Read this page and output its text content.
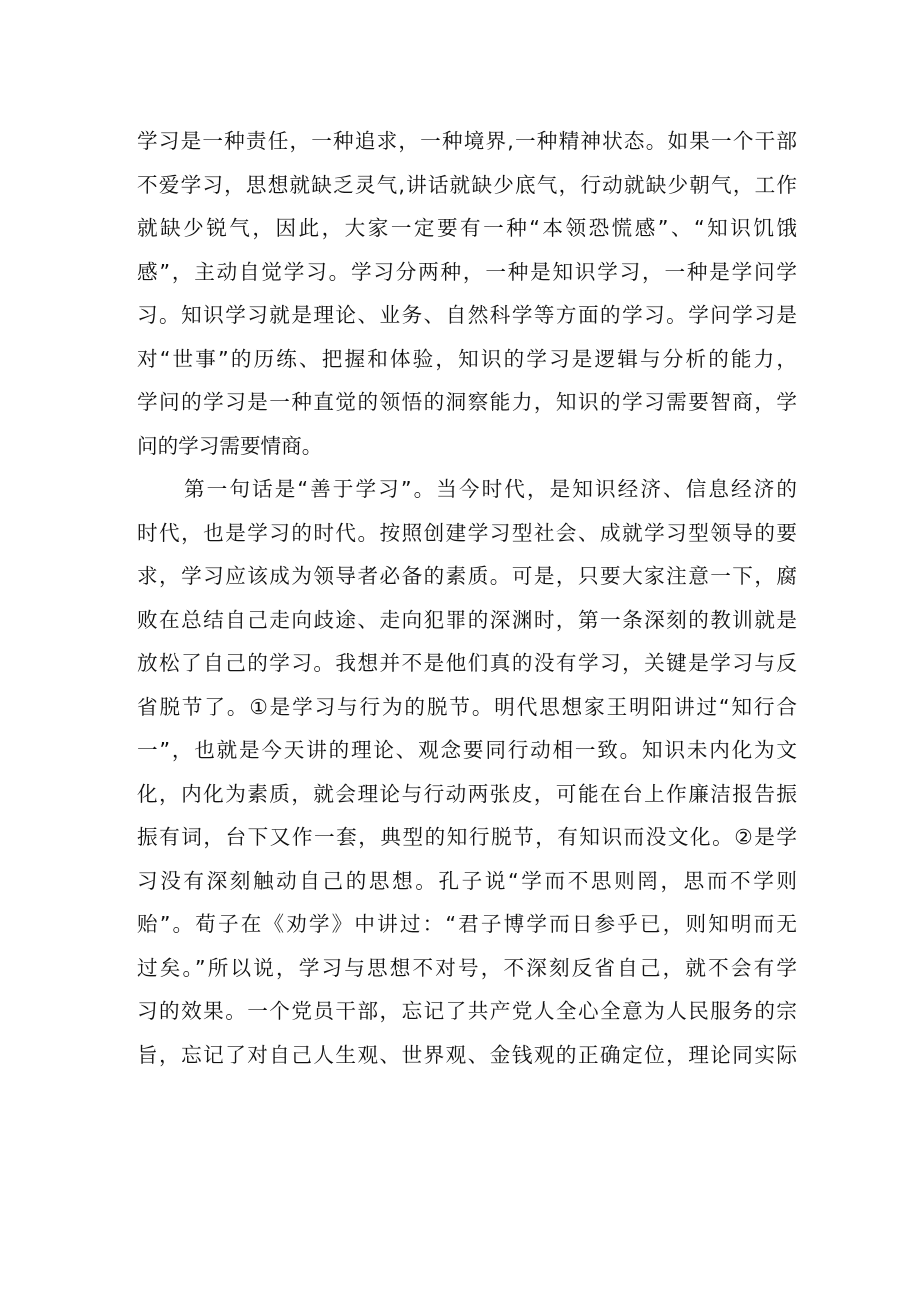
学习是一种责任，一种追求，一种境界,一种精神状态。如果一个干部
不爱学习，思想就缺乏灵气,讲话就缺少底气，行动就缺少朝气，工作
就缺少锐气，因此，大家一定要有一种“本领恐慌感”、“知识饥饿
感”，主动自觉学习。学习分两种，一种是知识学习，一种是学问学
习。知识学习就是理论、业务、自然科学等方面的学习。学问学习是
对“世事”的历练、把握和体验，知识的学习是逻辑与分析的能力，
学问的学习是一种直觉的领悟的洞察能力，知识的学习需要智商，学
问的学习需要情商。
第一句话是“善于学习”。当今时代，是知识经济、信息经济的
时代，也是学习的时代。按照创建学习型社会、成就学习型领导的要
求，学习应该成为领导者必备的素质。可是，只要大家注意一下，腐
败在总结自己走向歧途、走向犯罪的深渊时，第一条深刻的教训就是
放松了自己的学习。我想并不是他们真的没有学习，关键是学习与反
省脱节了。①是学习与行为的脱节。明代思想家王明阳讲过“知行合
一”，也就是今天讲的理论、观念要同行动相一致。知识未内化为文
化，内化为素质，就会理论与行动两张皮，可能在台上作廉洁报告振
振有词，台下又作一套，典型的知行脱节，有知识而没文化。②是学
习没有深刻触动自己的思想。孔子说“学而不思则罔，思而不学则
贻”。荀子在《劝学》中讲过：“君子博学而日参乎已，则知明而无
过矣。”所以说，学习与思想不对号，不深刻反省自己，就不会有学
习的效果。一个党员干部，忘记了共产党人全心全意为人民服务的宗
旨，忘记了对自己人生观、世界观、金钱观的正确定位，理论同实际
